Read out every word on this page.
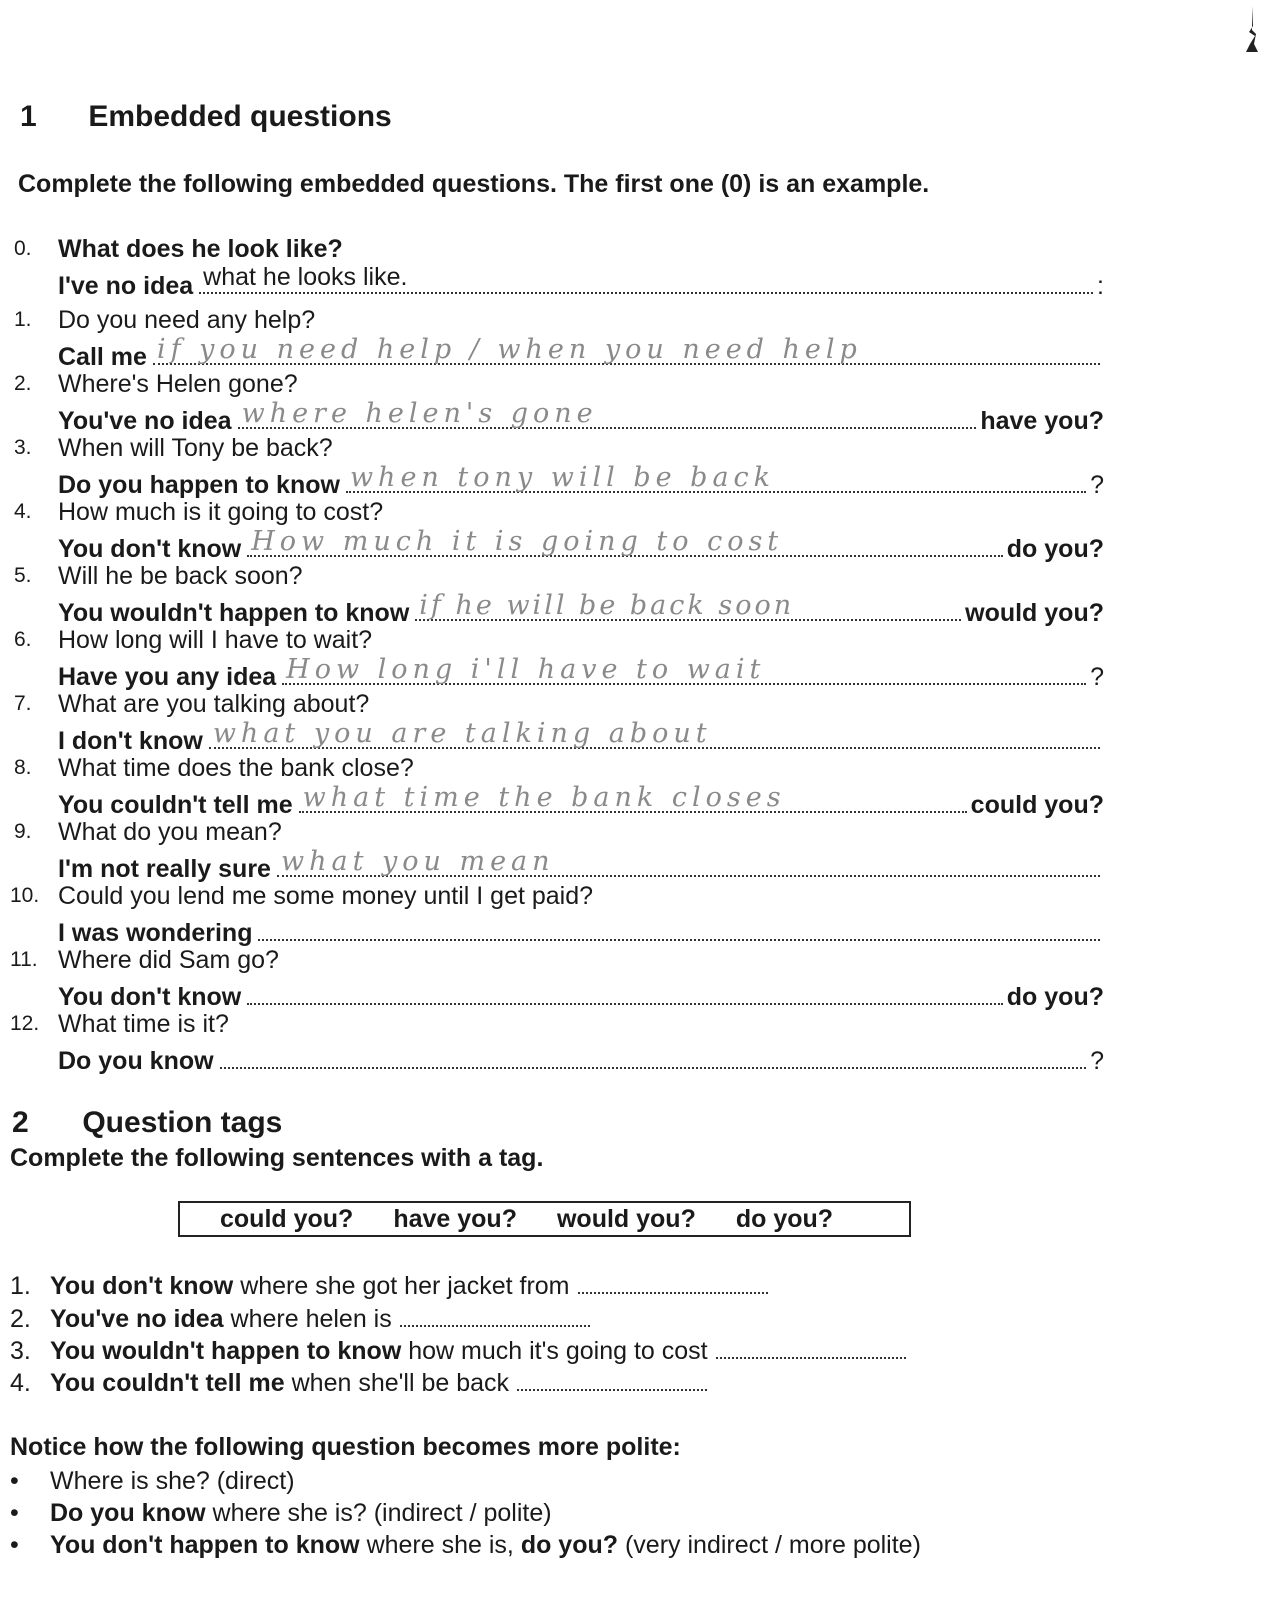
1 Embedded questions

Complete the following embedded questions. The first one (0) is an example.

0.	What does he look like?
I've no idea what he looks like.	:
1.	Do you need any help?
Call me if you need help / when you need help
2.	Where's Helen gone?
You've no idea where helen's gone	have you?
3.	When will Tony be back?
Do you happen to know when tony will be back	?
4.	How much is it going to cost?
You don't know How much it is going to cost	do you?
5.	Will he be back soon?
You wouldn't happen to know if he will be back soon	would you?
6.	How long will I have to wait?
Have you any idea How long i'll have to wait	?
7.	What are you talking about?
I don't know what you are talking about
8.	What time does the bank close?
You couldn't tell me what time the bank closes	could you?
9.	What do you mean?
I'm not really sure what you mean
10. Could you lend me some money until I get paid?
I was wondering
11. Where did Sam go?
You don't know	do you?
12. What time is it?
Do you know	?
2 Question tags

Complete the following sentences with a tag.

could you? have you? would you? do you?
1. You don't know where she got her jacket from
2. You've no idea where helen is
3. You wouldn't happen to know how much it's going to cost
4. You couldn't tell me when she'll be back
Notice how the following question becomes more polite:
• Where is she? (direct)
• Do you know where she is? (indirect / polite)
• You don't happen to know where she is, do you? (very indirect / more polite)
